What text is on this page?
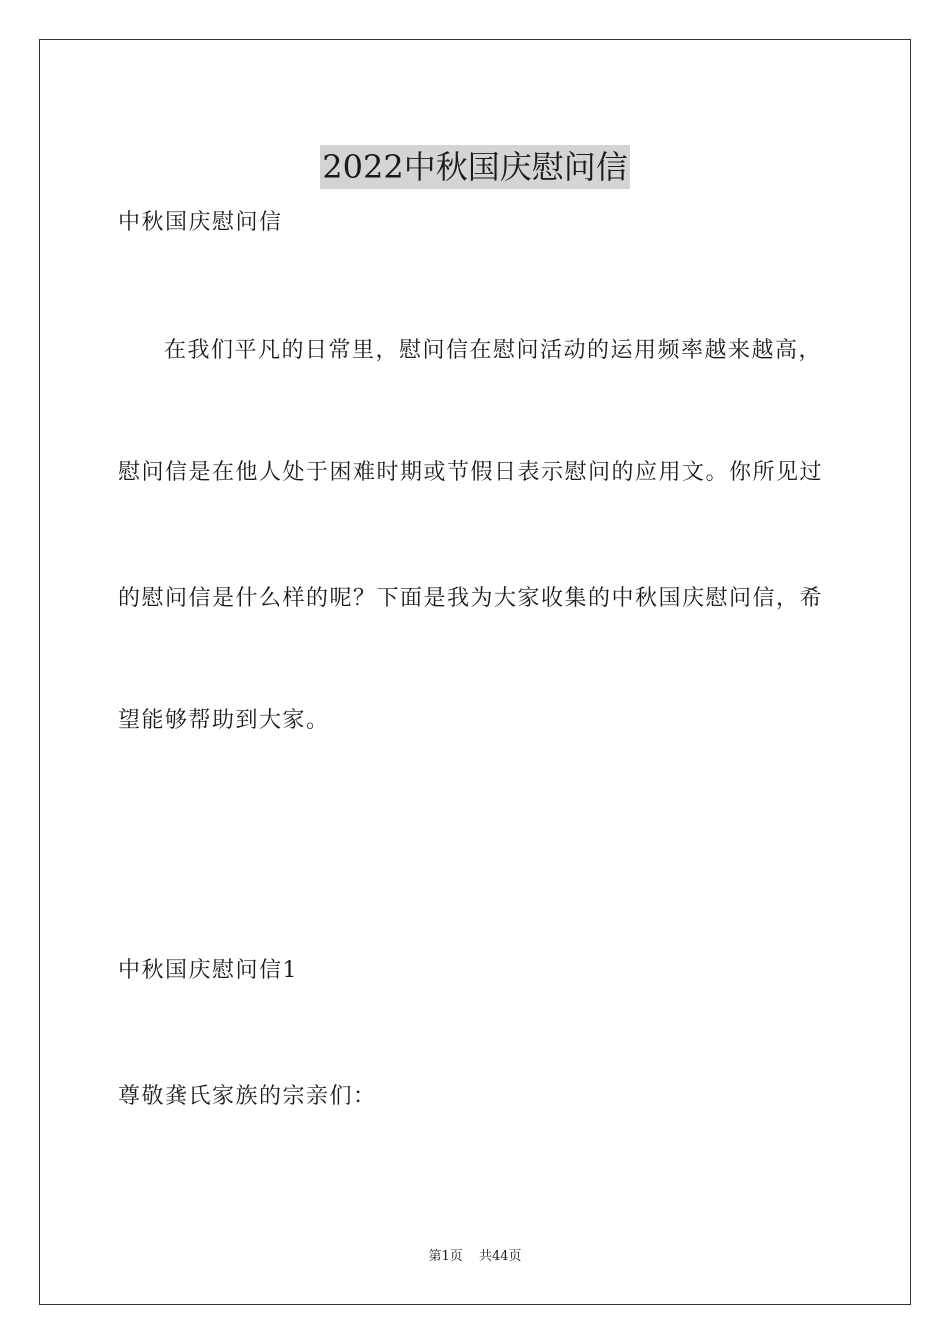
2022中秋国庆慰问信
中秋国庆慰问信
在我们平凡的日常里，慰问信在慰问活动的运用频率越来越高，
慰问信是在他人处于困难时期或节假日表示慰问的应用文。你所见过
的慰问信是什么样的呢？下面是我为大家收集的中秋国庆慰问信，希
望能够帮助到大家。
中秋国庆慰问信1
尊敬龚氏家族的宗亲们：
第1页 共44页
